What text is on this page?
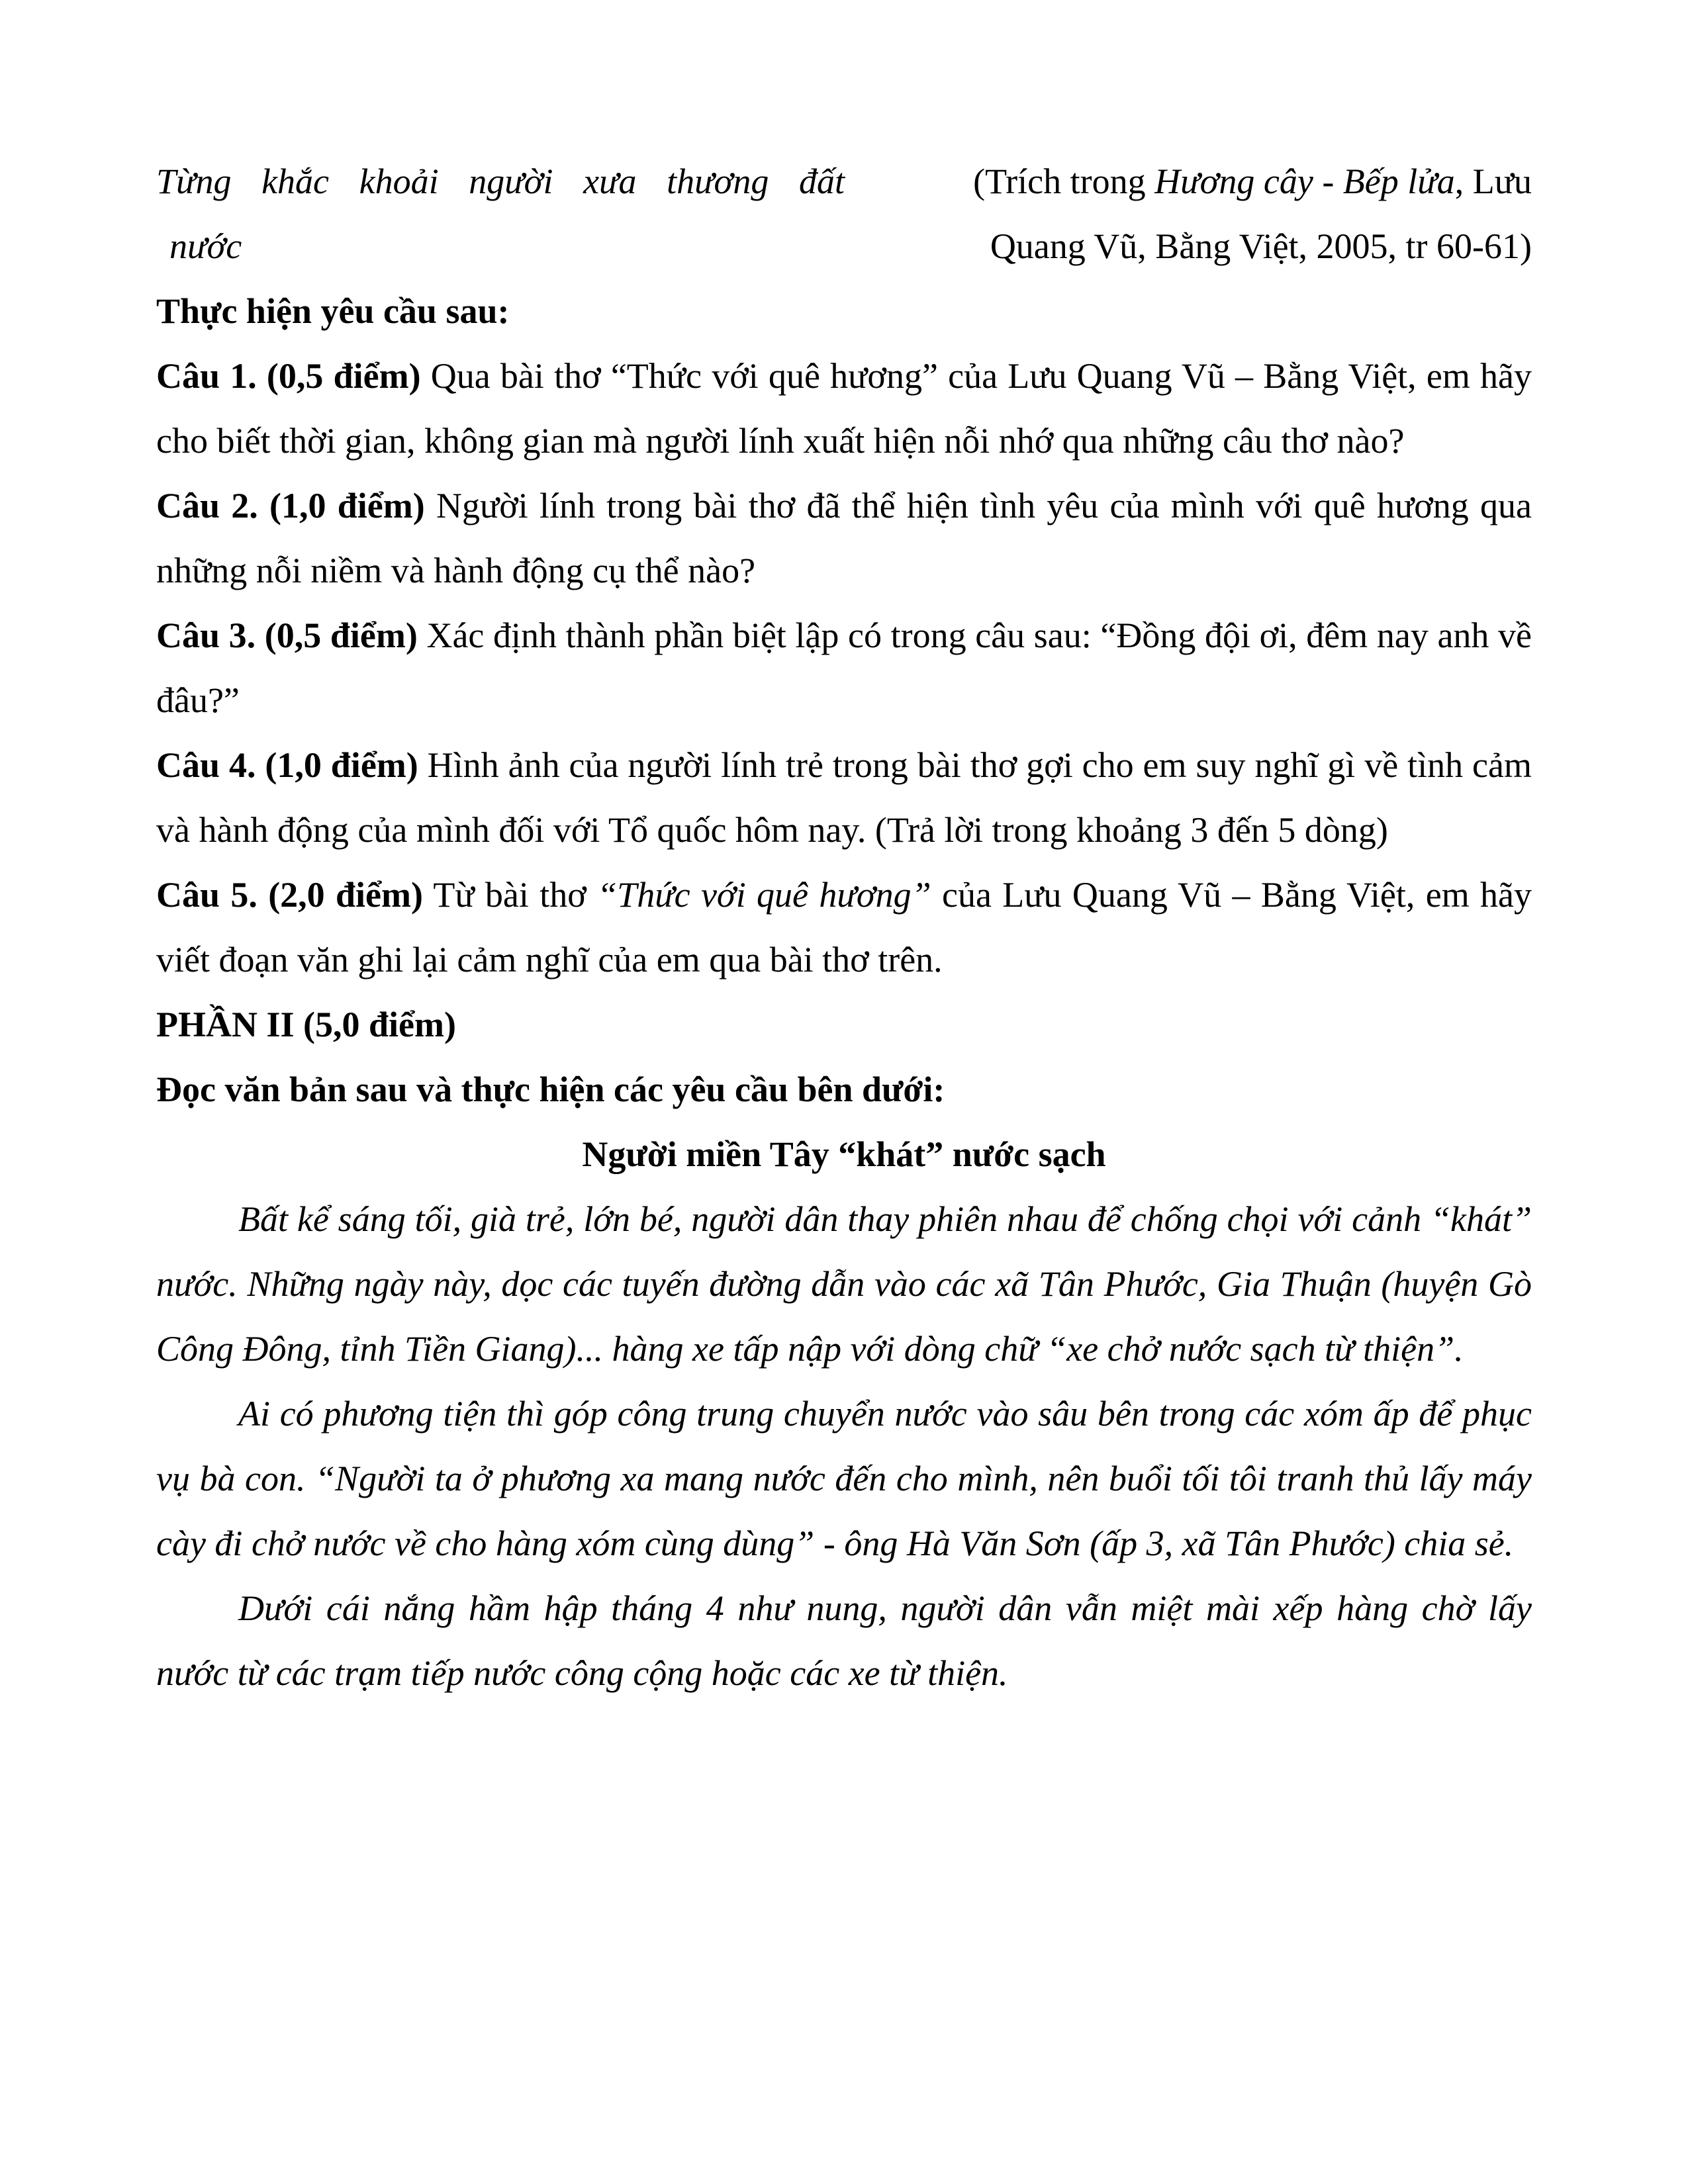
Từng khắc khoải người xưa thương đất
nước
(Trích trong Hương cây - Bếp lửa, Lưu
Quang Vũ, Bằng Việt, 2005, tr 60-61)

Thực hiện yêu cầu sau:

Câu 1. (0,5 điểm) Qua bài thơ “Thức với quê hương” của Lưu Quang Vũ – Bằng Việt, em hãy cho biết thời gian, không gian mà người lính xuất hiện nỗi nhớ qua những câu thơ nào?

Câu 2. (1,0 điểm) Người lính trong bài thơ đã thể hiện tình yêu của mình với quê hương qua những nỗi niềm và hành động cụ thể nào?

Câu 3. (0,5 điểm) Xác định thành phần biệt lập có trong câu sau: “Đồng đội ơi, đêm nay anh về đâu?”

Câu 4. (1,0 điểm) Hình ảnh của người lính trẻ trong bài thơ gợi cho em suy nghĩ gì về tình cảm và hành động của mình đối với Tổ quốc hôm nay. (Trả lời trong khoảng 3 đến 5 dòng)

Câu 5. (2,0 điểm) Từ bài thơ “Thức với quê hương” của Lưu Quang Vũ – Bằng Việt, em hãy viết đoạn văn ghi lại cảm nghĩ của em qua bài thơ trên.

PHẦN II (5,0 điểm)

Đọc văn bản sau và thực hiện các yêu cầu bên dưới:

Người miền Tây “khát” nước sạch

Bất kể sáng tối, già trẻ, lớn bé, người dân thay phiên nhau để chống chọi với cảnh “khát” nước. Những ngày này, dọc các tuyến đường dẫn vào các xã Tân Phước, Gia Thuận (huyện Gò Công Đông, tỉnh Tiền Giang)... hàng xe tấp nập với dòng chữ “xe chở nước sạch từ thiện”.

Ai có phương tiện thì góp công trung chuyển nước vào sâu bên trong các xóm ấp để phục vụ bà con. “Người ta ở phương xa mang nước đến cho mình, nên buổi tối tôi tranh thủ lấy máy cày đi chở nước về cho hàng xóm cùng dùng” - ông Hà Văn Sơn (ấp 3, xã Tân Phước) chia sẻ.

Dưới cái nắng hầm hập tháng 4 như nung, người dân vẫn miệt mài xếp hàng chờ lấy nước từ các trạm tiếp nước công cộng hoặc các xe từ thiện.
